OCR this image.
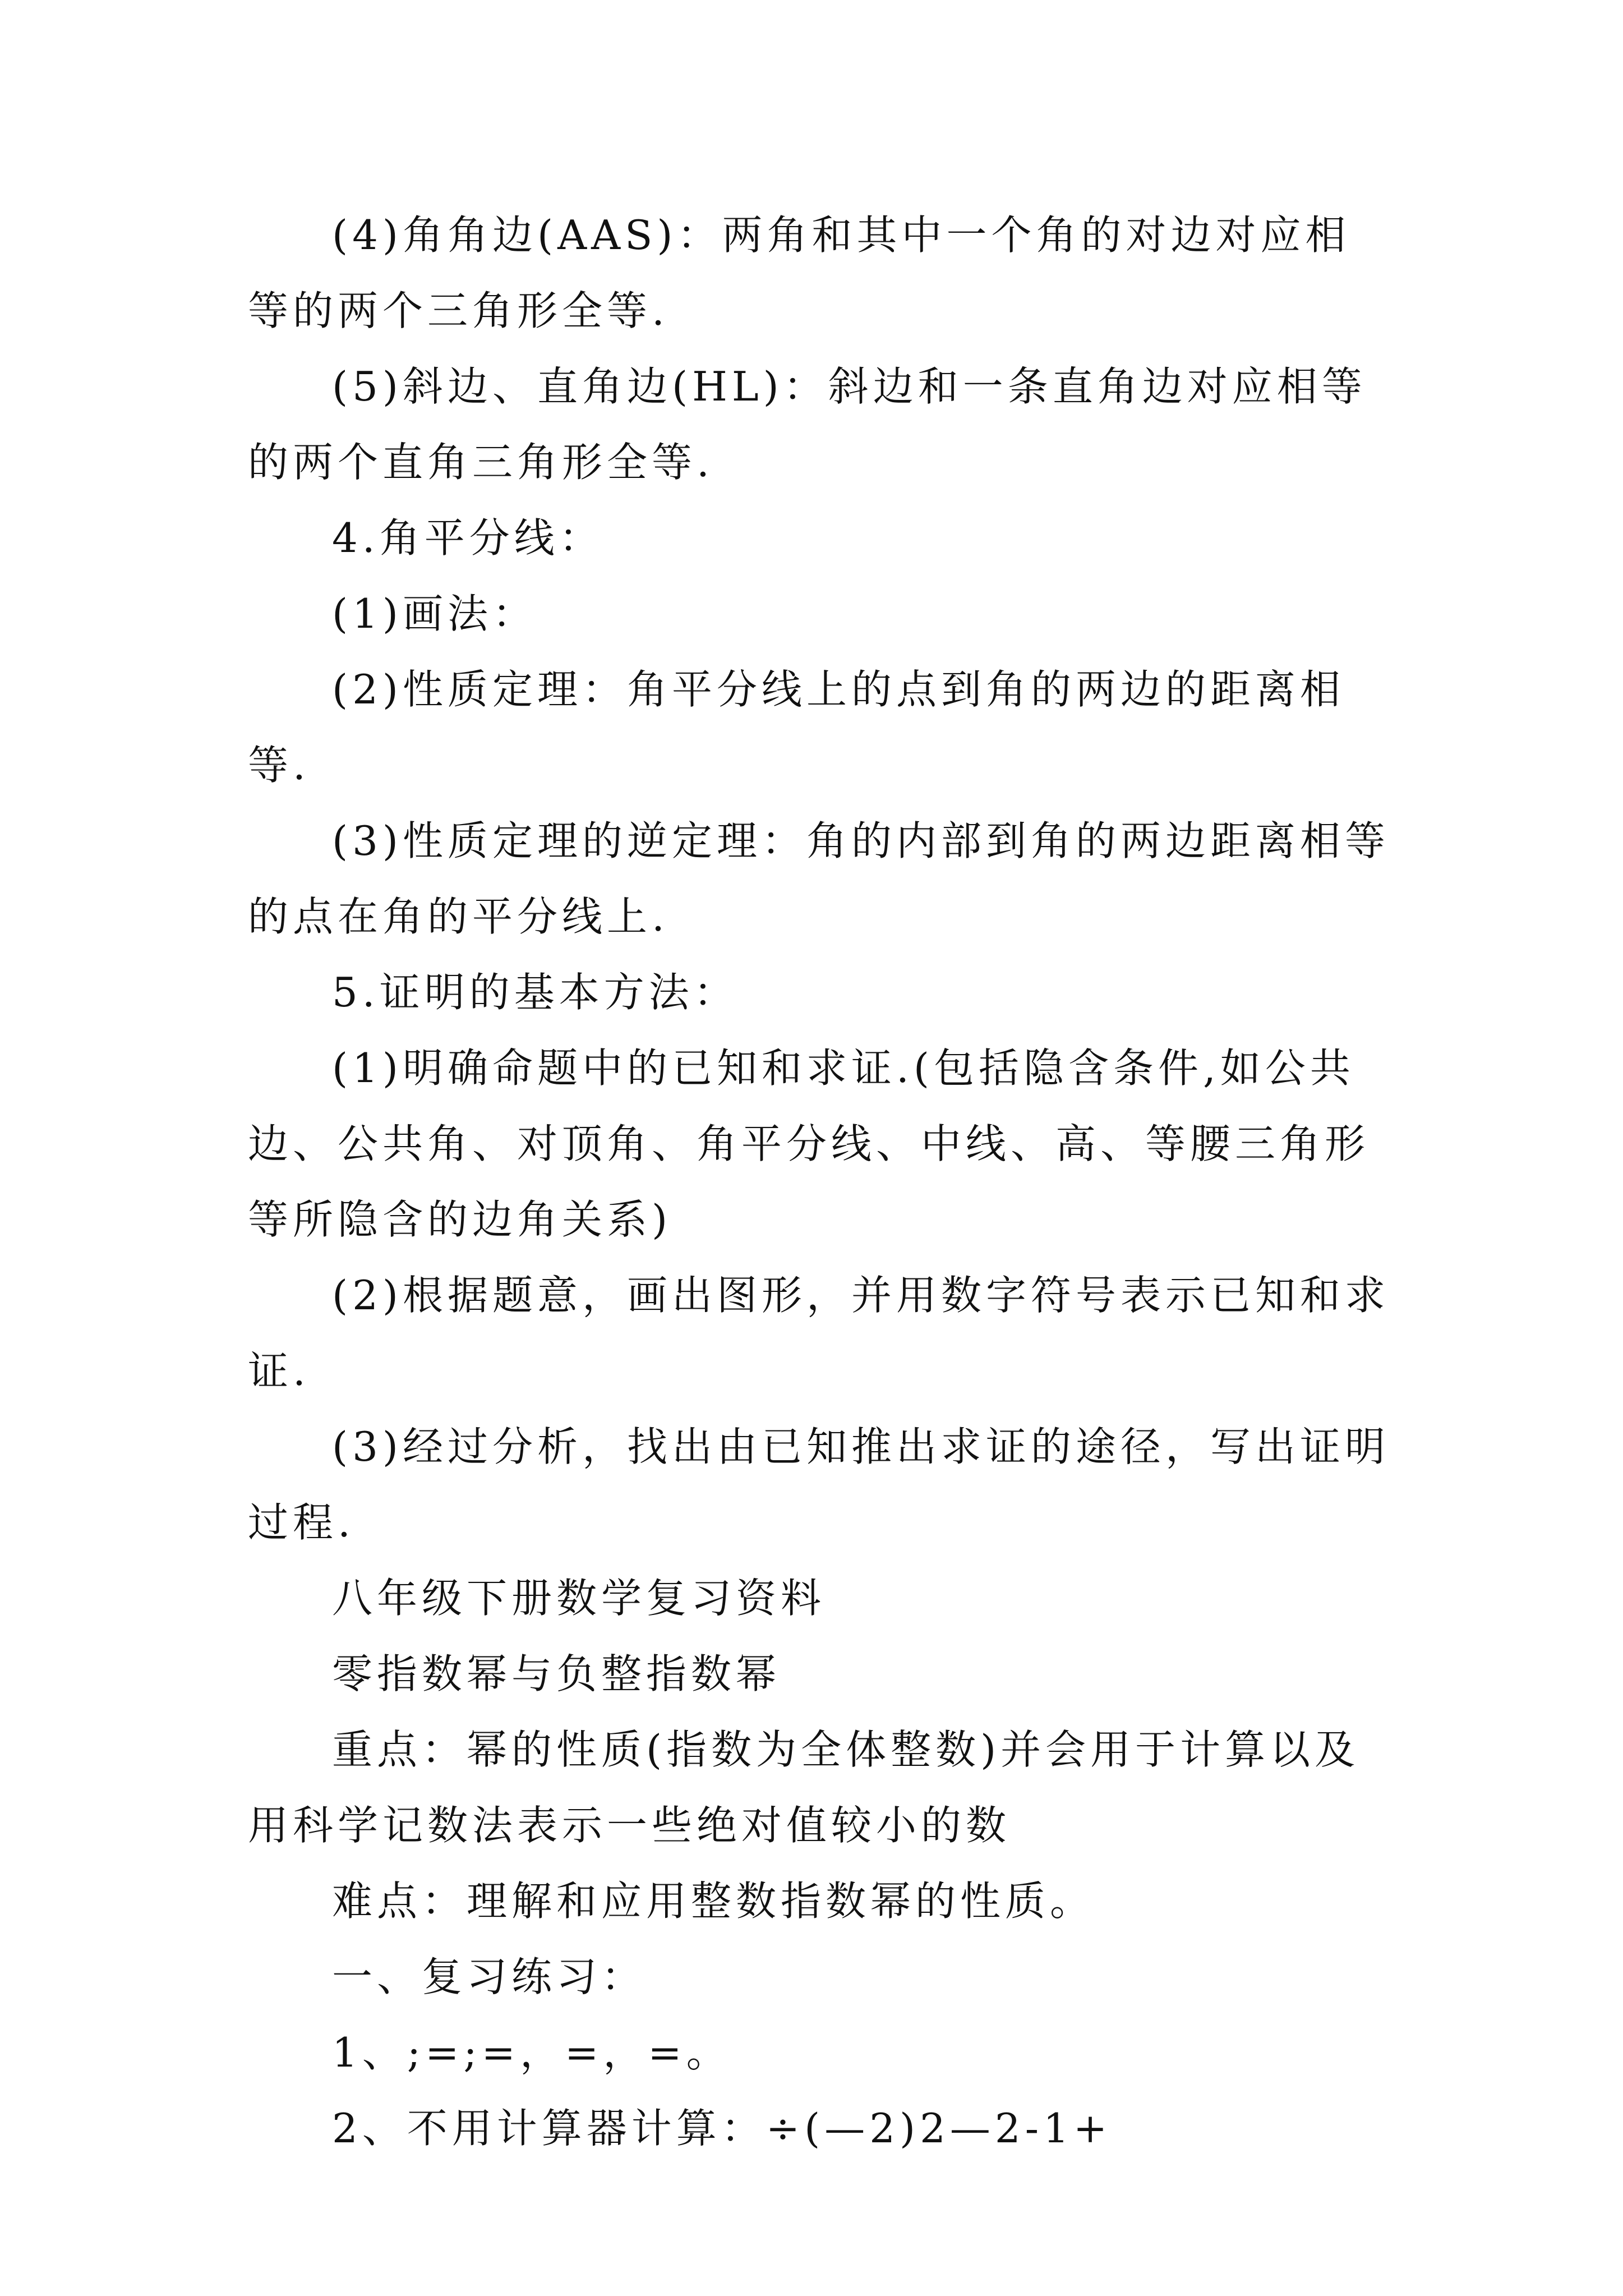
(4)角角边(AAS)：两角和其中一个角的对边对应相等的两个三角形全等.

(5)斜边、直角边(HL)：斜边和一条直角边对应相等的两个直角三角形全等.

4.角平分线：

(1)画法：

(2)性质定理：角平分线上的点到角的两边的距离相等.

(3)性质定理的逆定理：角的内部到角的两边距离相等的点在角的平分线上.

5.证明的基本方法：

(1)明确命题中的已知和求证.(包括隐含条件,如公共边、公共角、对顶角、角平分线、中线、高、等腰三角形等所隐含的边角关系)

(2)根据题意，画出图形，并用数字符号表示已知和求证.

(3)经过分析，找出由已知推出求证的途径，写出证明过程.

八年级下册数学复习资料

零指数幂与负整指数幂

重点：幂的性质(指数为全体整数)并会用于计算以及用科学记数法表示一些绝对值较小的数

难点：理解和应用整数指数幂的性质。

一、复习练习：

1、;=;=，=，=。

2、不用计算器计算：÷(—2)2—2-1+
